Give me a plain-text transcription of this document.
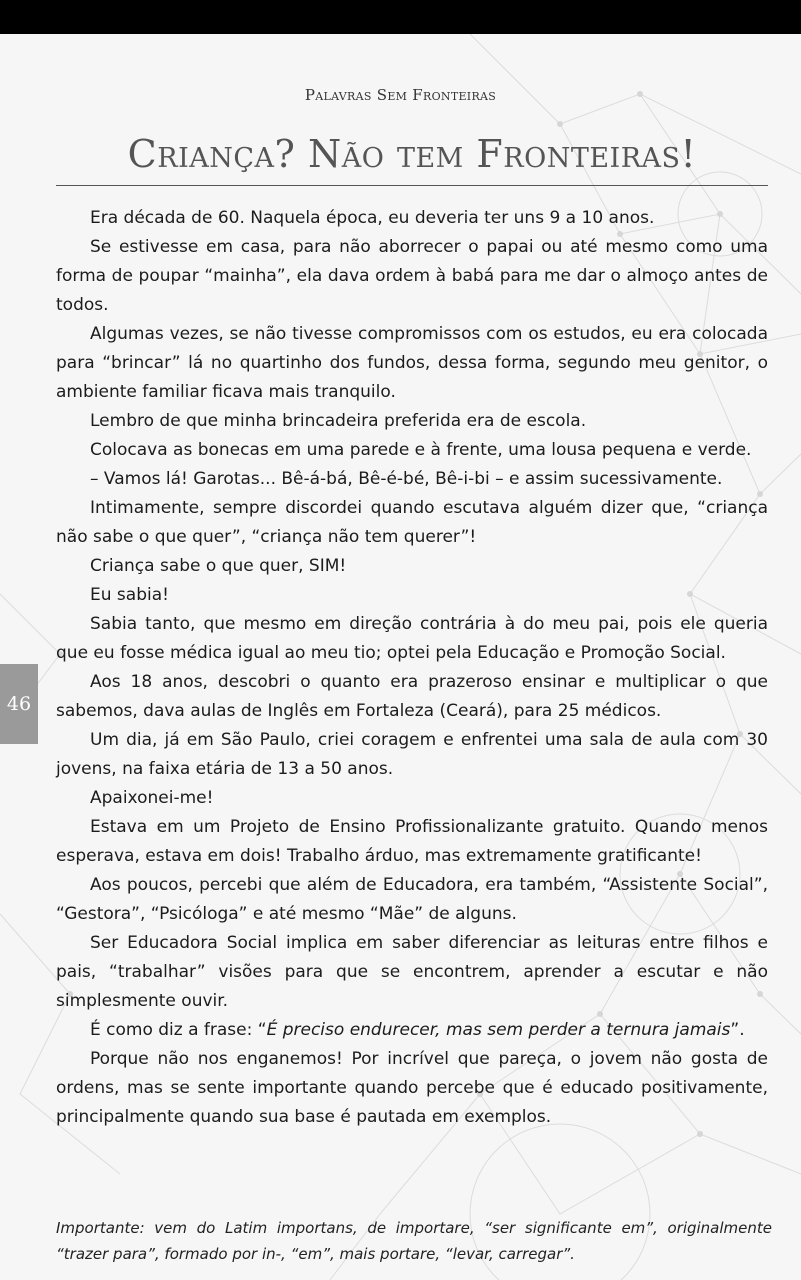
Palavras Sem Fronteiras
Criança? Não tem Fronteiras!

Era década de 60. Naquela época, eu deveria ter uns 9 a 10 anos.

Se estivesse em casa, para não aborrecer o papai ou até mesmo como uma forma de poupar “mainha”, ela dava ordem à babá para me dar o almoço antes de todos.

Algumas vezes, se não tivesse compromissos com os estudos, eu era colocada para “brincar” lá no quartinho dos fundos, dessa forma, segundo meu genitor, o ambiente familiar ficava mais tranquilo.

Lembro de que minha brincadeira preferida era de escola.

Colocava as bonecas em uma parede e à frente, uma lousa pequena e verde.

– Vamos lá! Garotas... Bê-á-bá, Bê-é-bé, Bê-i-bi – e assim sucessivamente.

Intimamente, sempre discordei quando escutava alguém dizer que, “criança não sabe o que quer”, “criança não tem querer”!

Criança sabe o que quer, SIM!

Eu sabia!

Sabia tanto, que mesmo em direção contrária à do meu pai, pois ele queria que eu fosse médica igual ao meu tio; optei pela Educação e Promoção Social.

Aos 18 anos, descobri o quanto era prazeroso ensinar e multiplicar o que sabemos, dava aulas de Inglês em Fortaleza (Ceará), para 25 médicos.

Um dia, já em São Paulo, criei coragem e enfrentei uma sala de aula com 30 jovens, na faixa etária de 13 a 50 anos.

Apaixonei-me!

Estava em um Projeto de Ensino Profissionalizante gratuito. Quando menos esperava, estava em dois! Trabalho árduo, mas extremamente gratificante!

Aos poucos, percebi que além de Educadora, era também, “Assistente Social”, “Gestora”, “Psicóloga” e até mesmo “Mãe” de alguns.

Ser Educadora Social implica em saber diferenciar as leituras entre filhos e pais, “trabalhar” visões para que se encontrem, aprender a escutar e não simplesmente ouvir.

É como diz a frase: “É preciso endurecer, mas sem perder a ternura jamais”.

Porque não nos enganemos! Por incrível que pareça, o jovem não gosta de ordens, mas se sente importante quando percebe que é educado positivamente, principalmente quando sua base é pautada em exemplos.

46

Importante: vem do Latim importans, de importare, “ser significante em”, originalmente “trazer para”, formado por in-, “em”, mais portare, “levar, carregar”.
